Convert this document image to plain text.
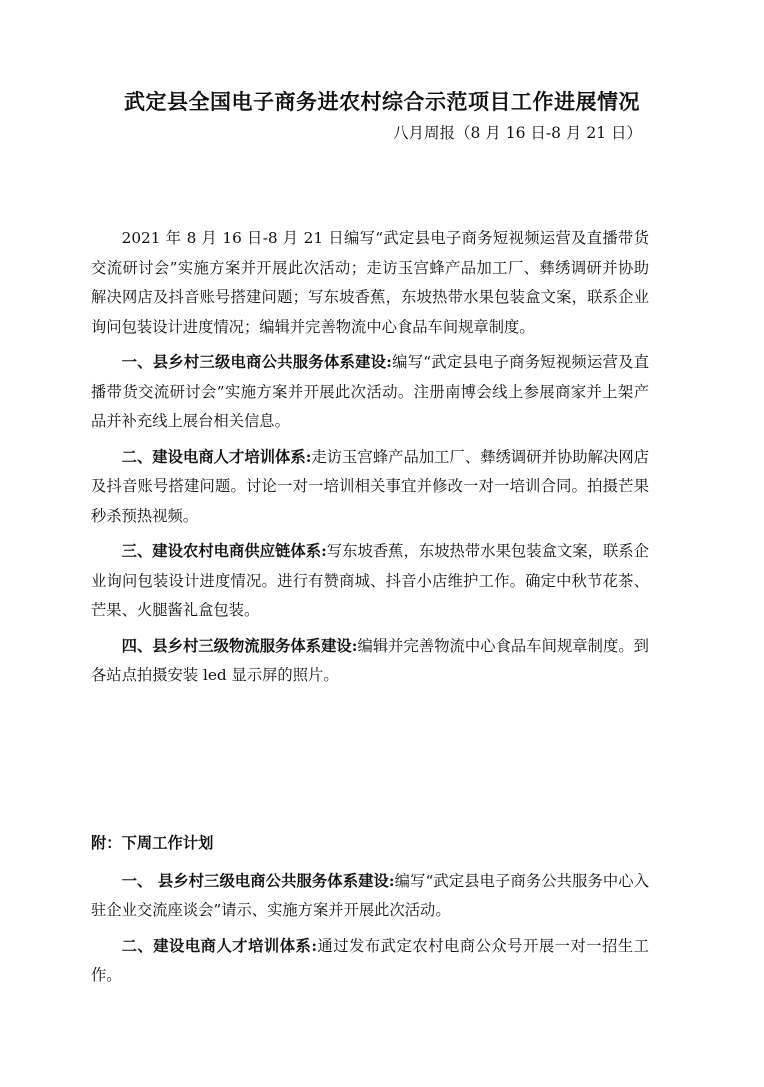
武定县全国电子商务进农村综合示范项目工作进展情况
八月周报（8 月 16 日-8 月 21 日）

2021 年 8 月 16 日-8 月 21 日编写“武定县电子商务短视频运营及直播带货交流研讨会”实施方案并开展此次活动；走访玉宫蜂产品加工厂、彝绣调研并协助解决网店及抖音账号搭建问题；写东坡香蕉，东坡热带水果包装盒文案，联系企业询问包装设计进度情况；编辑并完善物流中心食品车间规章制度。

一、县乡村三级电商公共服务体系建设:编写“武定县电子商务短视频运营及直播带货交流研讨会”实施方案并开展此次活动。注册南博会线上参展商家并上架产品并补充线上展台相关信息。

二、建设电商人才培训体系:走访玉宫蜂产品加工厂、彝绣调研并协助解决网店及抖音账号搭建问题。讨论一对一培训相关事宜并修改一对一培训合同。拍摄芒果秒杀预热视频。

三、建设农村电商供应链体系:写东坡香蕉，东坡热带水果包装盒文案，联系企业询问包装设计进度情况。进行有赞商城、抖音小店维护工作。确定中秋节花茶、芒果、火腿酱礼盒包装。

四、县乡村三级物流服务体系建设:编辑并完善物流中心食品车间规章制度。到各站点拍摄安装 led 显示屏的照片。

附：下周工作计划

一、 县乡村三级电商公共服务体系建设:编写“武定县电子商务公共服务中心入驻企业交流座谈会”请示、实施方案并开展此次活动。

二、建设电商人才培训体系:通过发布武定农村电商公众号开展一对一招生工作。
